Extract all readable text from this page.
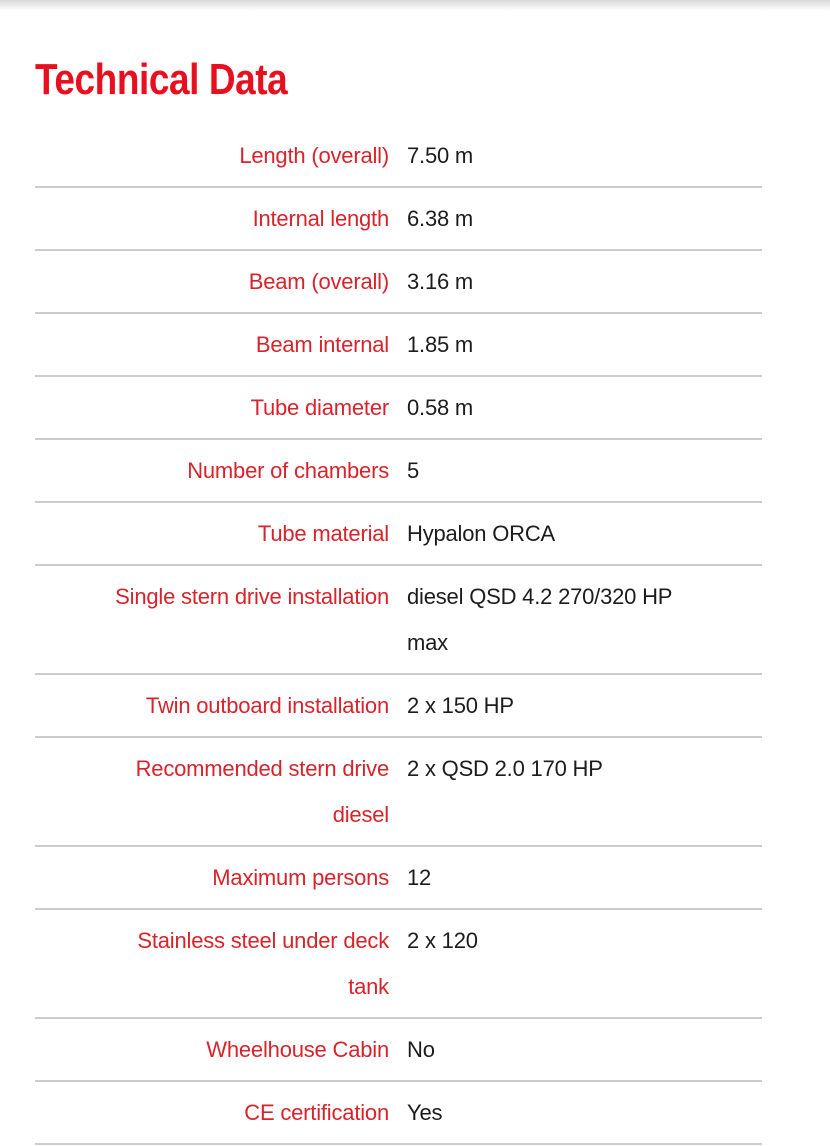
Technical Data
Length (overall) 7.50 m
Internal length 6.38 m
Beam (overall) 3.16 m
Beam internal 1.85 m
Tube diameter 0.58 m
Number of chambers 5
Tube material Hypalon ORCA
Single stern drive installation diesel QSD 4.2 270/320 HP max
Twin outboard installation 2 x 150 HP
Recommended stern drive diesel
2 x QSD 2.0 170 HP
Maximum persons 12
Stainless steel under deck tank
2 x 120
Wheelhouse Cabin No
CE certification Yes
